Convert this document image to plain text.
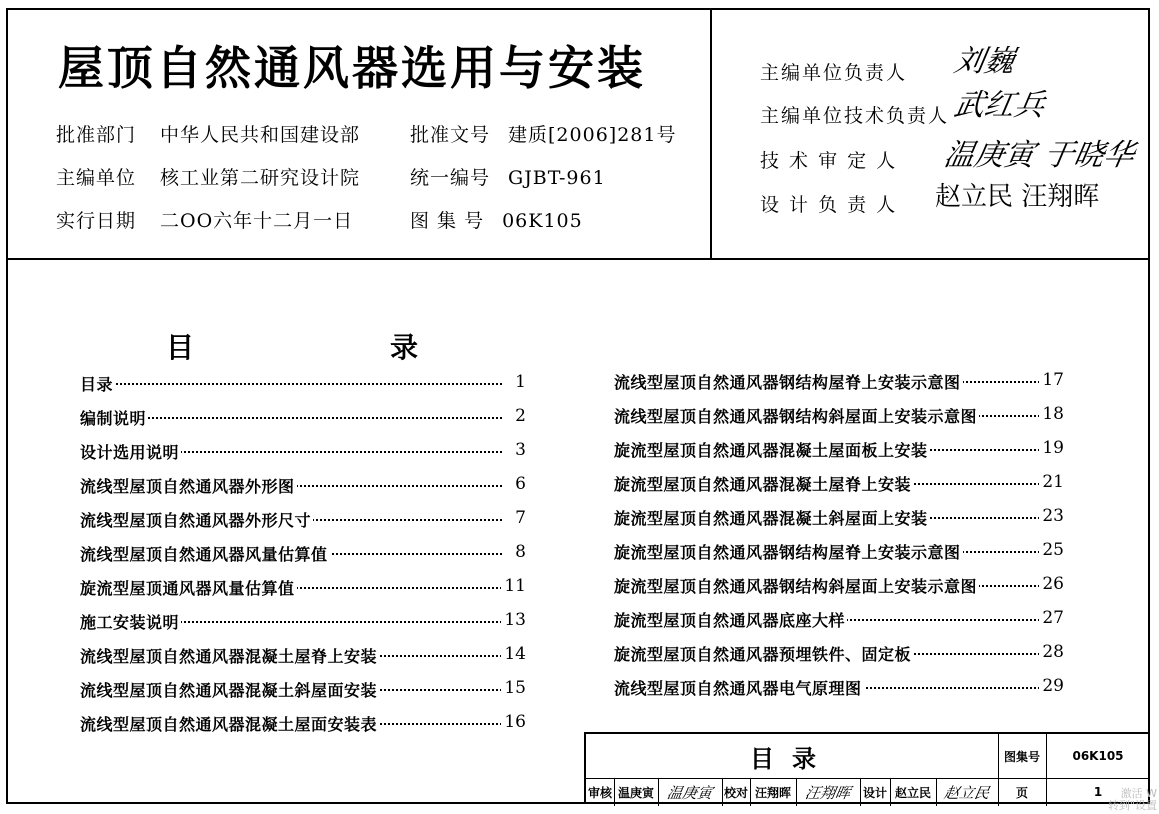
屋顶自然通风器选用与安装
批准部门 中华人民共和国建设部	批准文号 建质[2006]281号
主编单位 核工业第二研究设计院	统一编号 GJBT-961
实行日期 二OO六年十二月一日	图 集 号 06K105
主编单位负责人 刘巍
主编单位技术负责人 武红兵
技 术 审 定 人 温庚寅 于晓华
设 计 负 责 人 赵立民 汪翔晖
目	录
目录	1
编制说明	2
设计选用说明	3
流线型屋顶自然通风器外形图	6
流线型屋顶自然通风器外形尺寸	7
流线型屋顶自然通风器风量估算值	8
旋流型屋顶通风器风量估算值	11
施工安装说明	13
流线型屋顶自然通风器混凝土屋脊上安装	14
流线型屋顶自然通风器混凝土斜屋面安装	15
流线型屋顶自然通风器混凝土屋面安装表	16
流线型屋顶自然通风器钢结构屋脊上安装示意图	17
流线型屋顶自然通风器钢结构斜屋面上安装示意图	18
旋流型屋顶自然通风器混凝土屋面板上安装	19
旋流型屋顶自然通风器混凝土屋脊上安装	21
旋流型屋顶自然通风器混凝土斜屋面上安装	23
旋流型屋顶自然通风器钢结构屋脊上安装示意图	25
旋流型屋顶自然通风器钢结构斜屋面上安装示意图	26
旋流型屋顶自然通风器底座大样	27
旋流型屋顶自然通风器预埋铁件、固定板	28
流线型屋顶自然通风器电气原理图	29
目录	图集号	06K105
审核 温庚寅 温庚寅 校对 汪翔晖 汪翔晖 设计 赵立民 赵立民	页	1	激活 W
转到"设置
